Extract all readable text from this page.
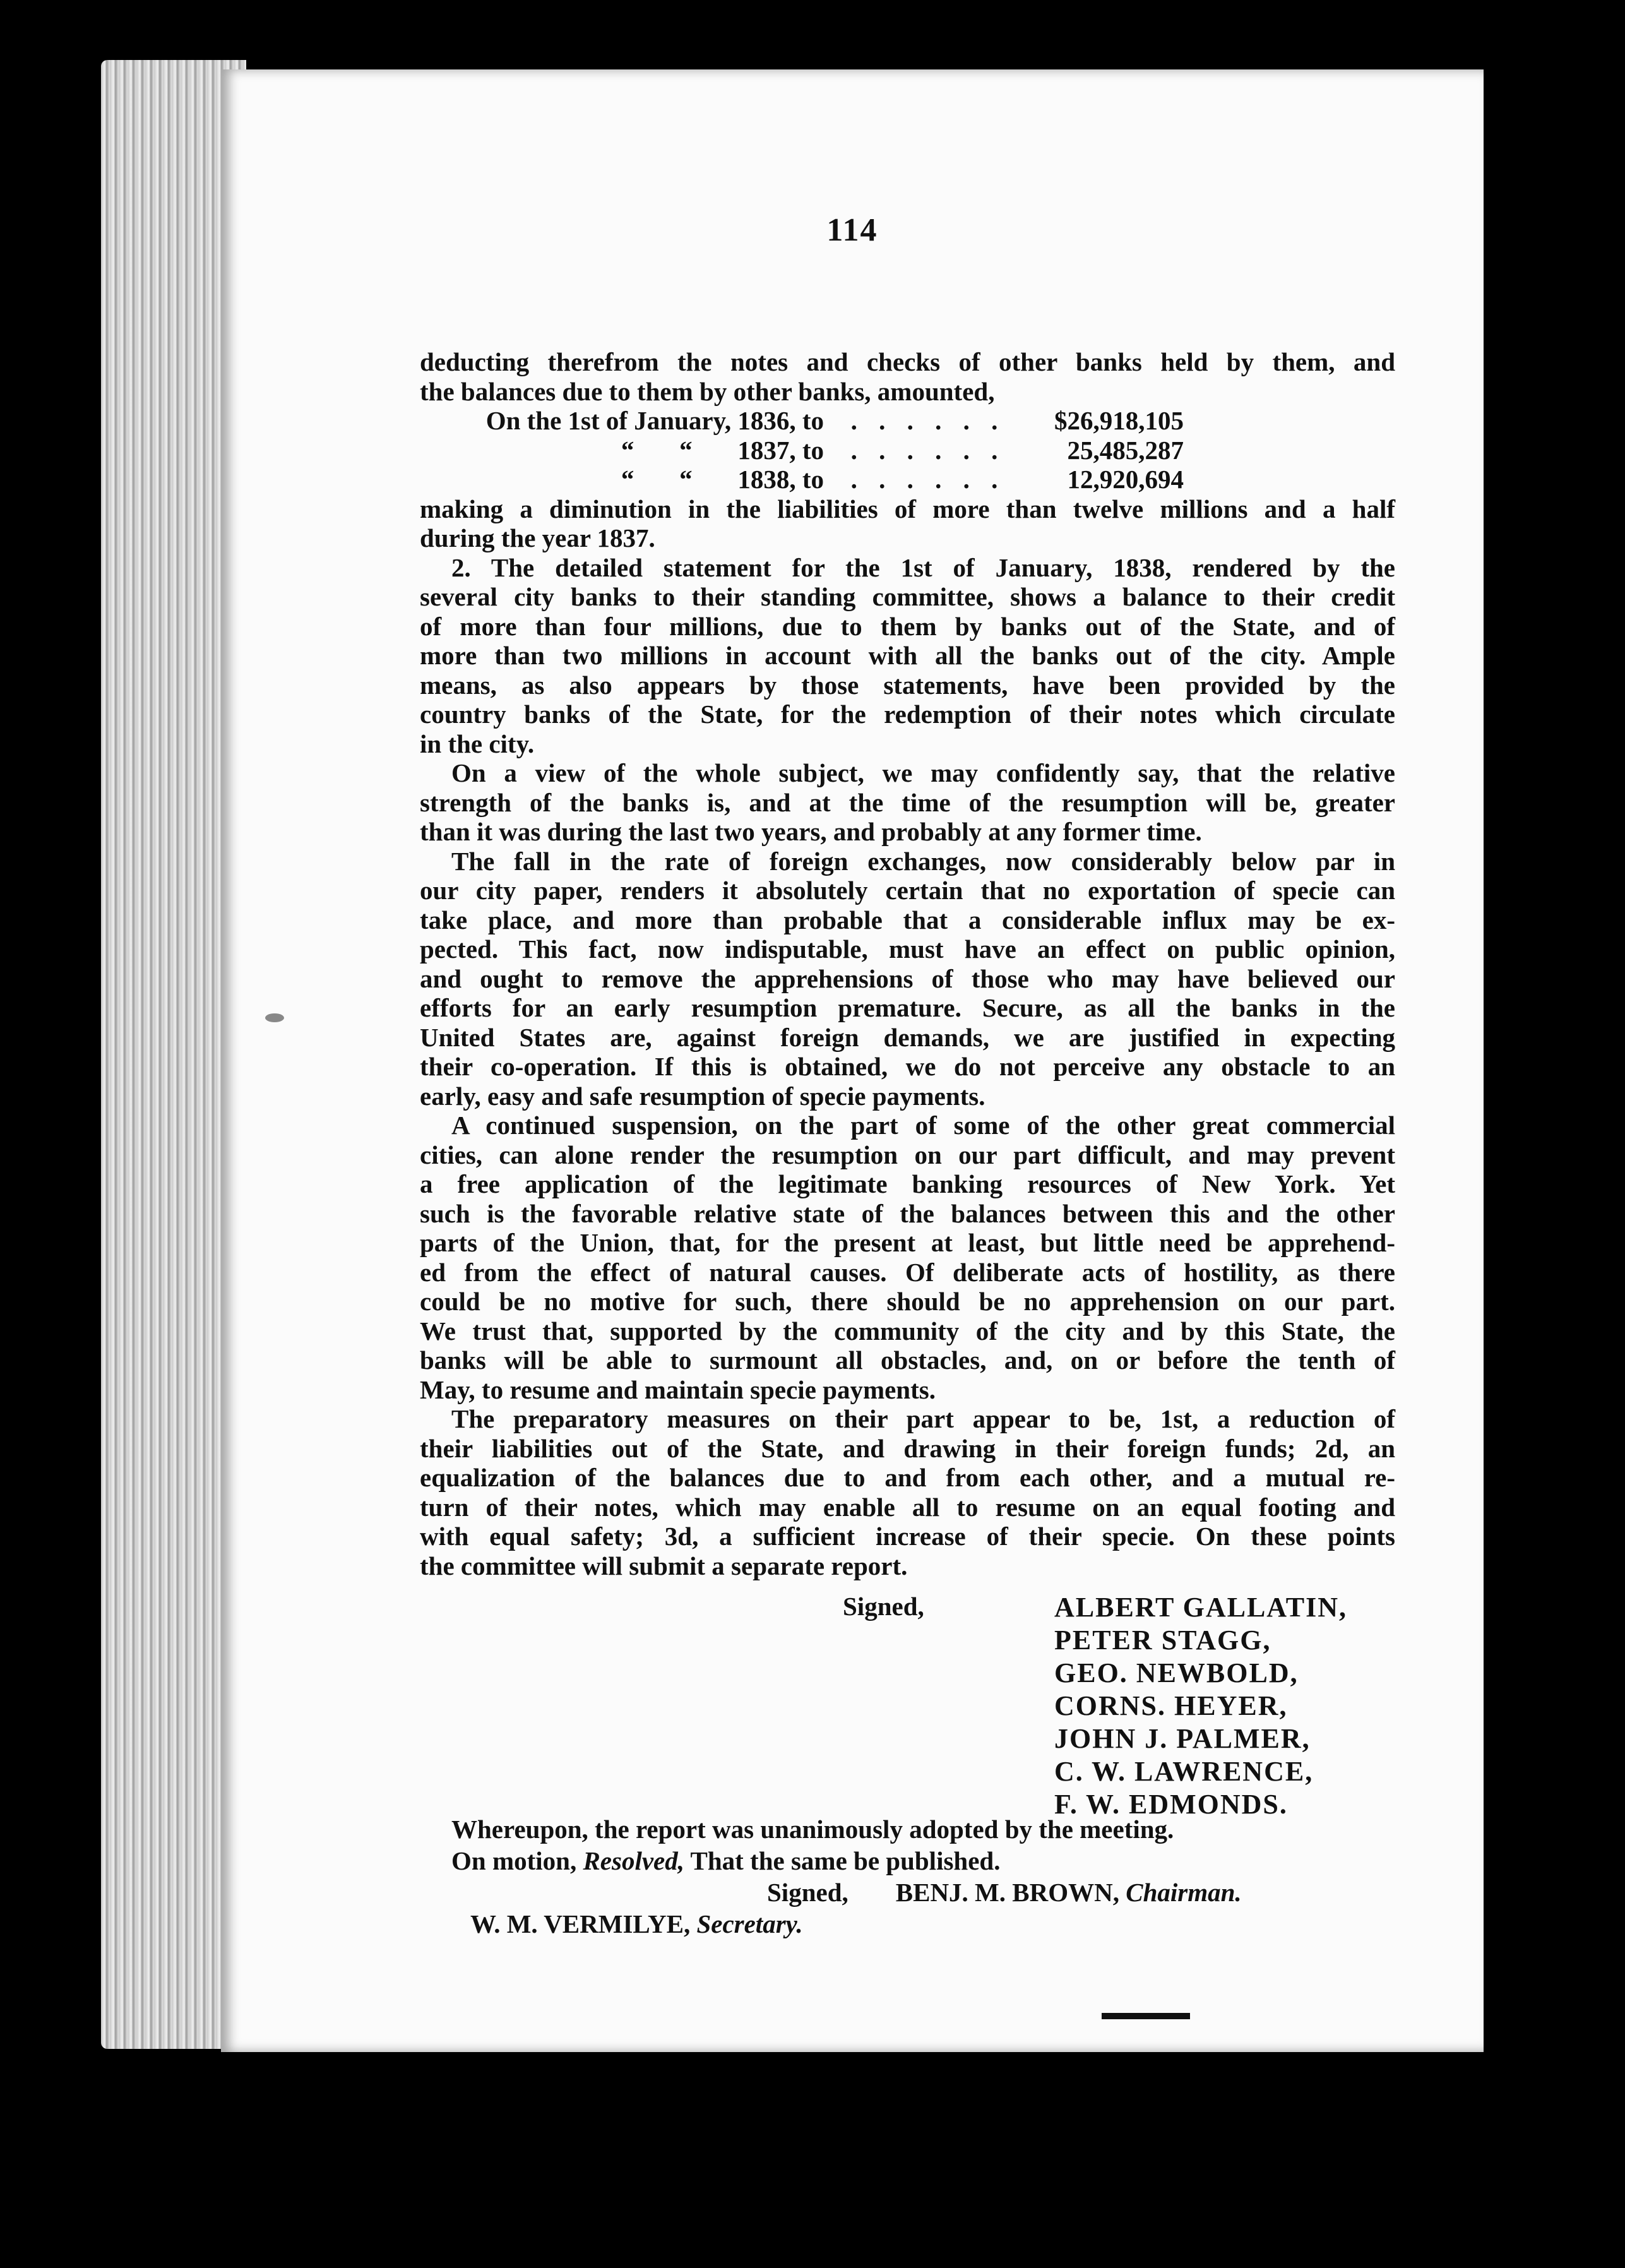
114
deducting therefrom the notes and checks of other banks held by them, and
the balances due to them by other banks, amounted,
On the 1st of January, 1836, to	. . . . . .	$26,918,105
“       “       1837, to	. . . . . .	25,485,287
“       “       1838, to	. . . . . .	12,920,694
making a diminution in the liabilities of more than twelve millions and a half
during the year 1837.
2. The detailed statement for the 1st of January, 1838, rendered by the
several city banks to their standing committee, shows a balance to their credit
of more than four millions, due to them by banks out of the State, and of
more than two millions in account with all the banks out of the city. Ample
means, as also appears by those statements, have been provided by the
country banks of the State, for the redemption of their notes which circulate
in the city.
On a view of the whole subject, we may confidently say, that the relative
strength of the banks is, and at the time of the resumption will be, greater
than it was during the last two years, and probably at any former time.
The fall in the rate of foreign exchanges, now considerably below par in
our city paper, renders it absolutely certain that no exportation of specie can
take place, and more than probable that a considerable influx may be ex-
pected. This fact, now indisputable, must have an effect on public opinion,
and ought to remove the apprehensions of those who may have believed our
efforts for an early resumption premature. Secure, as all the banks in the
United States are, against foreign demands, we are justified in expecting
their co-operation. If this is obtained, we do not perceive any obstacle to an
early, easy and safe resumption of specie payments.
A continued suspension, on the part of some of the other great commercial
cities, can alone render the resumption on our part difficult, and may prevent
a free application of the legitimate banking resources of New York. Yet
such is the favorable relative state of the balances between this and the other
parts of the Union, that, for the present at least, but little need be apprehend-
ed from the effect of natural causes. Of deliberate acts of hostility, as there
could be no motive for such, there should be no apprehension on our part.
We trust that, supported by the community of the city and by this State, the
banks will be able to surmount all obstacles, and, on or before the tenth of
May, to resume and maintain specie payments.
The preparatory measures on their part appear to be, 1st, a reduction of
their liabilities out of the State, and drawing in their foreign funds; 2d, an
equalization of the balances due to and from each other, and a mutual re-
turn of their notes, which may enable all to resume on an equal footing and
with equal safety; 3d, a sufficient increase of their specie. On these points
the committee will submit a separate report.
Signed,	ALBERT GALLATIN,
PETER STAGG,
GEO. NEWBOLD,
CORNS. HEYER,
JOHN J. PALMER,
C. W. LAWRENCE,
F. W. EDMONDS.
Whereupon, the report was unanimously adopted by the meeting.
On motion, Resolved, That the same be published.
Signed, BENJ. M. BROWN, Chairman.
W. M. VERMILYE, Secretary.
